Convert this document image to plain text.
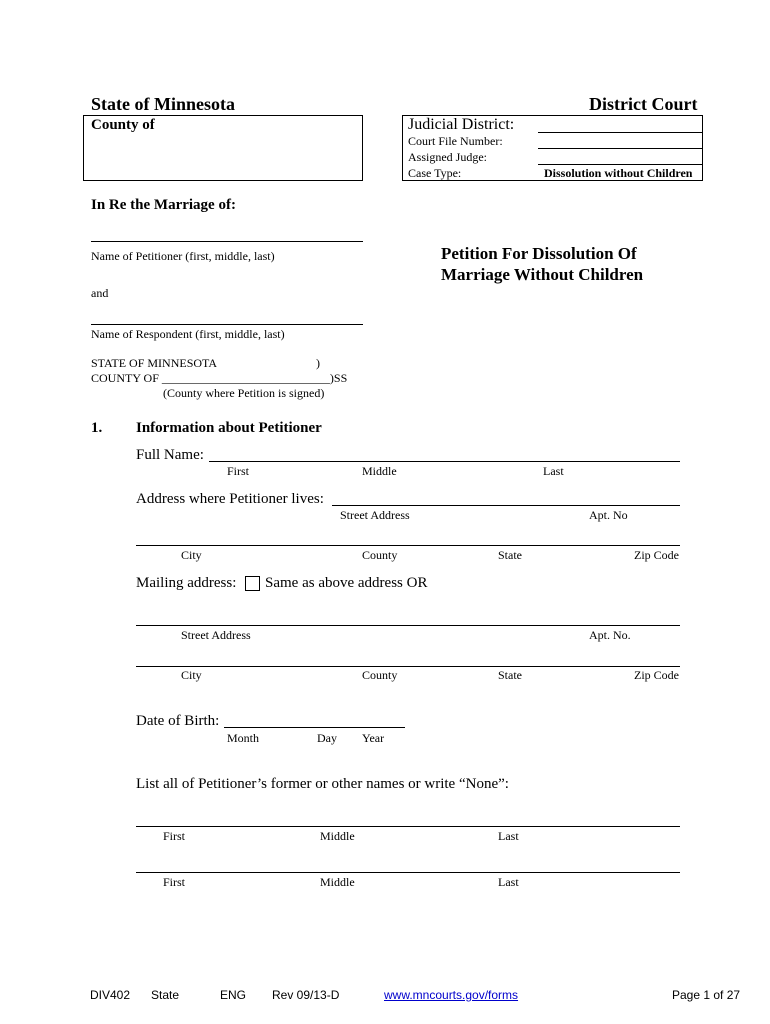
State of Minnesota	District Court
County of	Judicial District:
Court File Number:
Assigned Judge:
Case Type:	Dissolution without Children
In Re the Marriage of:
Name of Petitioner (first, middle, last)
and
Name of Respondent (first, middle, last)
Petition For Dissolution Of
Marriage Without Children
STATE OF MINNESOTA	)
COUNTY OF ____________________________)SS
(County where Petition is signed)
1. Information about Petitioner
Full Name:
First	Middle	Last
Address where Petitioner lives:
Street Address	Apt. No
City	County	State	Zip Code
Mailing address: Same as above address OR
Street Address	Apt. No.
City	County	State	Zip Code
Date of Birth:
Month	Day Year
List all of Petitioner’s former or other names or write “None”:
First	Middle	Last
First	Middle	Last
DIV402 State	ENG Rev 09/13-D	www.mncourts.gov/forms	Page 1 of 27
